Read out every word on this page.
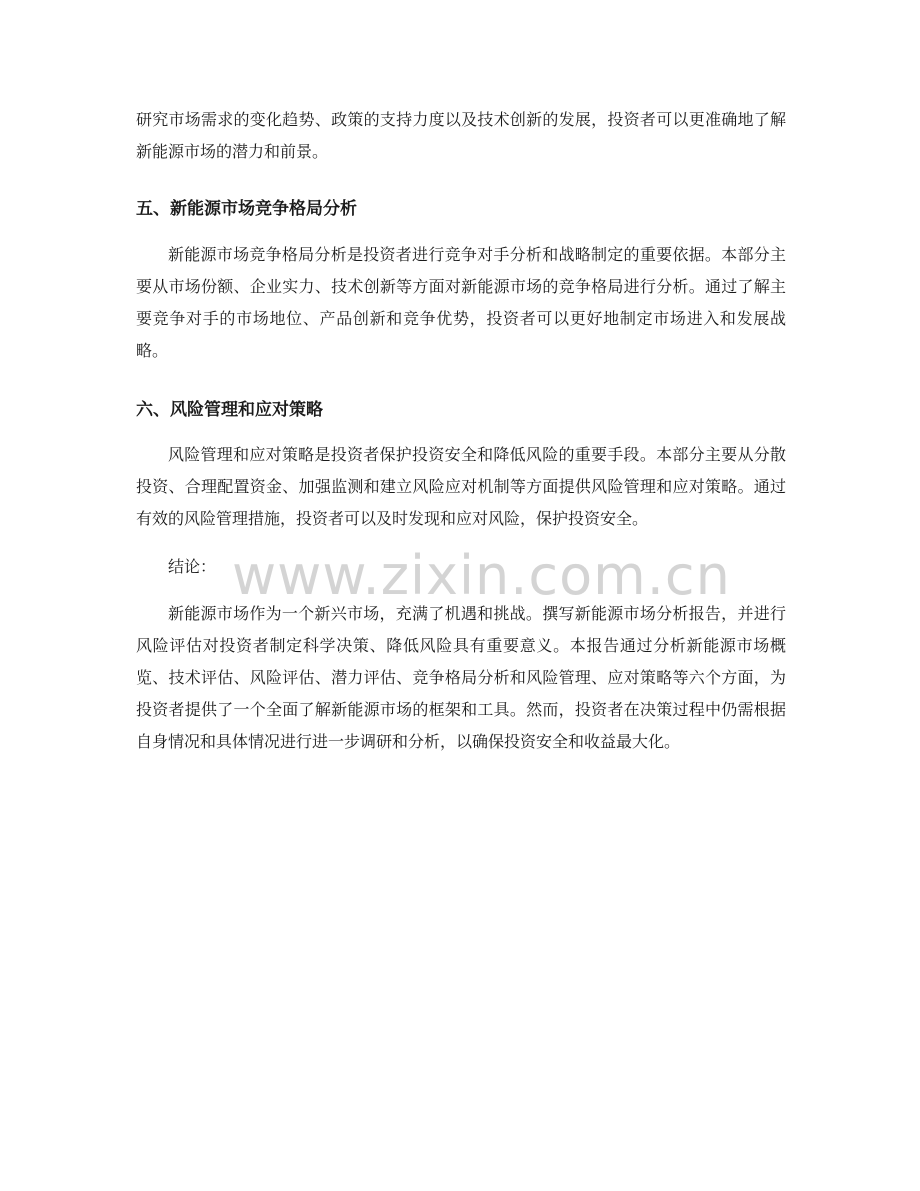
研究市场需求的变化趋势、政策的支持力度以及技术创新的发展，投资者可以更准确地了解新能源市场的潜力和前景。

五、新能源市场竞争格局分析

新能源市场竞争格局分析是投资者进行竞争对手分析和战略制定的重要依据。本部分主要从市场份额、企业实力、技术创新等方面对新能源市场的竞争格局进行分析。通过了解主要竞争对手的市场地位、产品创新和竞争优势，投资者可以更好地制定市场进入和发展战略。

六、风险管理和应对策略

风险管理和应对策略是投资者保护投资安全和降低风险的重要手段。本部分主要从分散投资、合理配置资金、加强监测和建立风险应对机制等方面提供风险管理和应对策略。通过有效的风险管理措施，投资者可以及时发现和应对风险，保护投资安全。

结论：

新能源市场作为一个新兴市场，充满了机遇和挑战。撰写新能源市场分析报告，并进行风险评估对投资者制定科学决策、降低风险具有重要意义。本报告通过分析新能源市场概览、技术评估、风险评估、潜力评估、竞争格局分析和风险管理、应对策略等六个方面，为投资者提供了一个全面了解新能源市场的框架和工具。然而，投资者在决策过程中仍需根据自身情况和具体情况进行进一步调研和分析，以确保投资安全和收益最大化。

www.zixin.com.cn
